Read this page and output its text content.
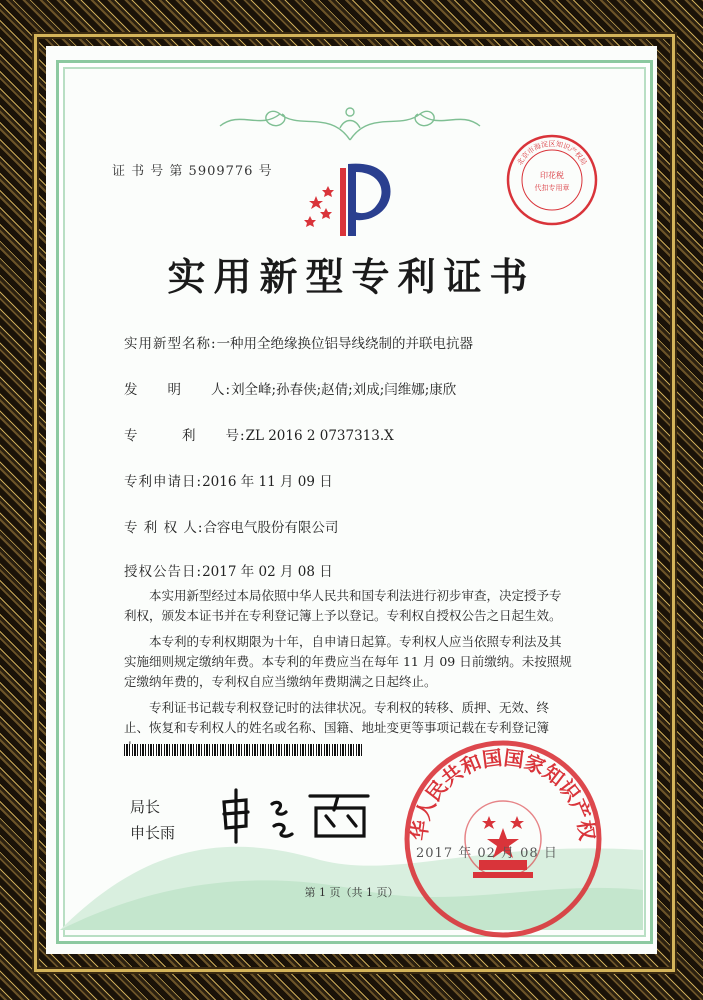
证 书 号 第 5909776 号	印花税
代扣专用章
北京市海淀区知识产权局
实用新型专利证书
实用新型名称:一种用全绝缘换位铝导线绕制的并联电抗器
发　　明　　人:刘全峰;孙春侠;赵倩;刘成;闫维娜;康欣
专　　　利　　号:ZL 2016 2 0737313.X
专利申请日:2016 年 11 月 09 日
专 利 权 人:合容电气股份有限公司
授权公告日:2017 年 02 月 08 日

本实用新型经过本局依照中华人民共和国专利法进行初步审查，决定授予专利权，颁发本证书并在专利登记簿上予以登记。专利权自授权公告之日起生效。

本专利的专利权期限为十年，自申请日起算。专利权人应当依照专利法及其实施细则规定缴纳年费。本专利的年费应当在每年 11 月 09 日前缴纳。未按照规定缴纳年费的，专利权自应当缴纳年费期满之日起终止。

专利证书记载专利权登记时的法律状况。专利权的转移、质押、无效、终止、恢复和专利权人的姓名或名称、国籍、地址变更等事项记载在专利登记簿

局长
申长雨	华人民共和国国家知识产权
2017 年 02 月 08 日
第 1 页（共 1 页）
